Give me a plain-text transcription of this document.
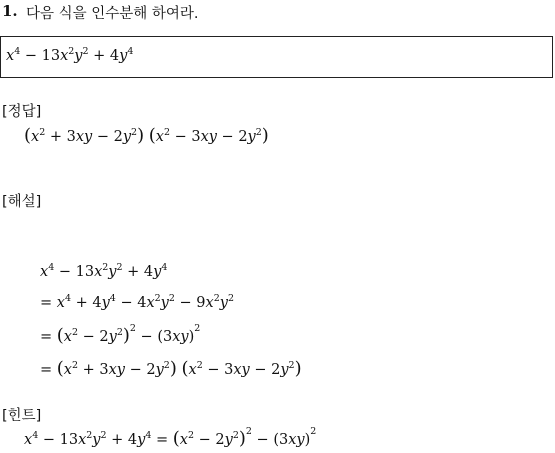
1. 다음 식을 인수분해 하여라.
$x^4 - 13x^2y^2 + 4y^4$
[정답]
$(x^2 + 3xy - 2y^2) (x^2 - 3xy - 2y^2)$
[해설]
$x^4 - 13x^2y^2 + 4y^4$
= $x^4 + 4y^4 - 4x^2y^2 - 9x^2y^2$
= $(x^2 - 2y^2)^2 - (3xy)^2$
= $(x^2 + 3xy - 2y^2) (x^2 - 3xy - 2y^2)$
[힌트]
$x^4 - 13x^2y^2 + 4y^4 = (x^2 - 2y^2)^2 - (3xy)^2$
